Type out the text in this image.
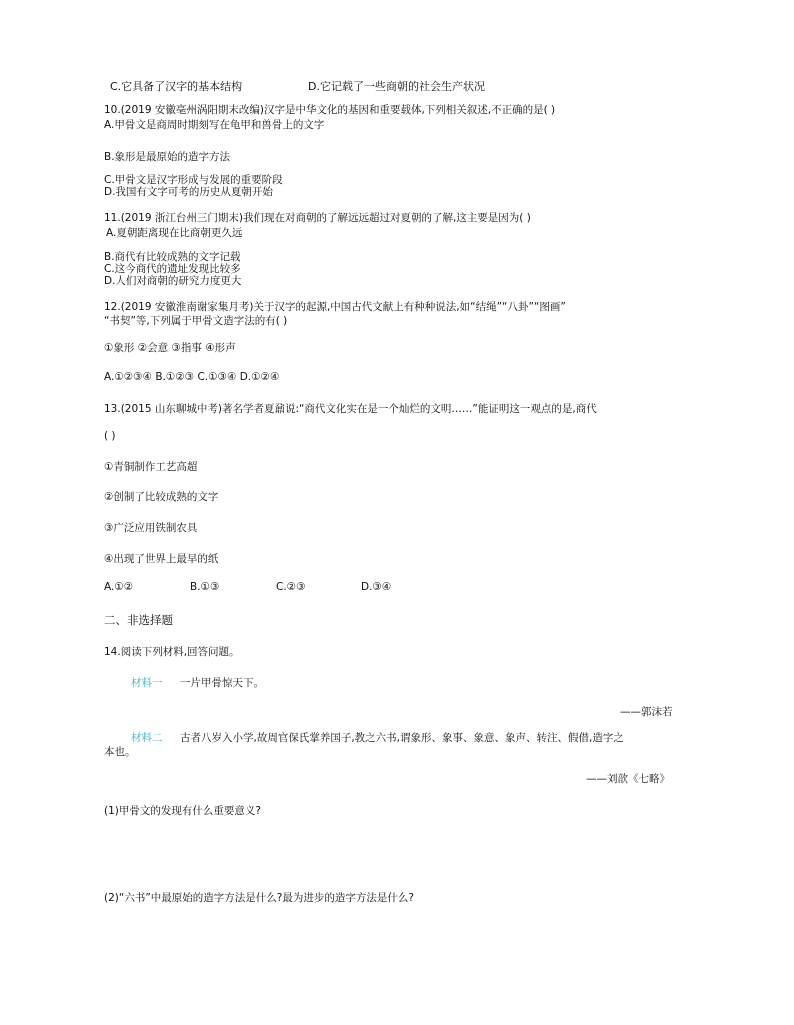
C.它具备了汉字的基本结构	D.它记载了一些商朝的社会生产状况
10.(2019 安徽亳州涡阳期末改编)汉字是中华文化的基因和重要载体,下列相关叙述,不正确的是( )
A.甲骨文是商周时期刻写在龟甲和兽骨上的文字
B.象形是最原始的造字方法
C.甲骨文是汉字形成与发展的重要阶段
D.我国有文字可考的历史从夏朝开始
11.(2019 浙江台州三门期末)我们现在对商朝的了解远远超过对夏朝的了解,这主要是因为( )
A.夏朝距离现在比商朝更久远
B.商代有比较成熟的文字记载
C.这今商代的遗址发现比较多
D.人们对商朝的研究力度更大
12.(2019 安徽淮南谢家集月考)关于汉字的起源,中国古代文献上有种种说法,如“结绳”“八卦”“图画”
“书契”等,下列属于甲骨文造字法的有( )
①象形 ②会意 ③指事 ④形声
A.①②③④ B.①②③ C.①③④ D.①②④
13.(2015 山东聊城中考)著名学者夏鼐说:“商代文化实在是一个灿烂的文明……”能证明这一观点的是,商代
( )
①青铜制作工艺高超
②创制了比较成熟的文字
③广泛应用铁制农具
④出现了世界上最早的纸
A.①②	B.①③	C.②③	D.③④
二、非选择题
14.阅读下列材料,回答问题。
材料一 一片甲骨惊天下。
——郭沫若
材料二 古者八岁入小学,故周官保氏掌养国子,教之六书,谓象形、象事、象意、象声、转注、假借,造字之
本也。
——刘歆《七略》
(1)甲骨文的发现有什么重要意义?
(2)“六书”中最原始的造字方法是什么?最为进步的造字方法是什么?
